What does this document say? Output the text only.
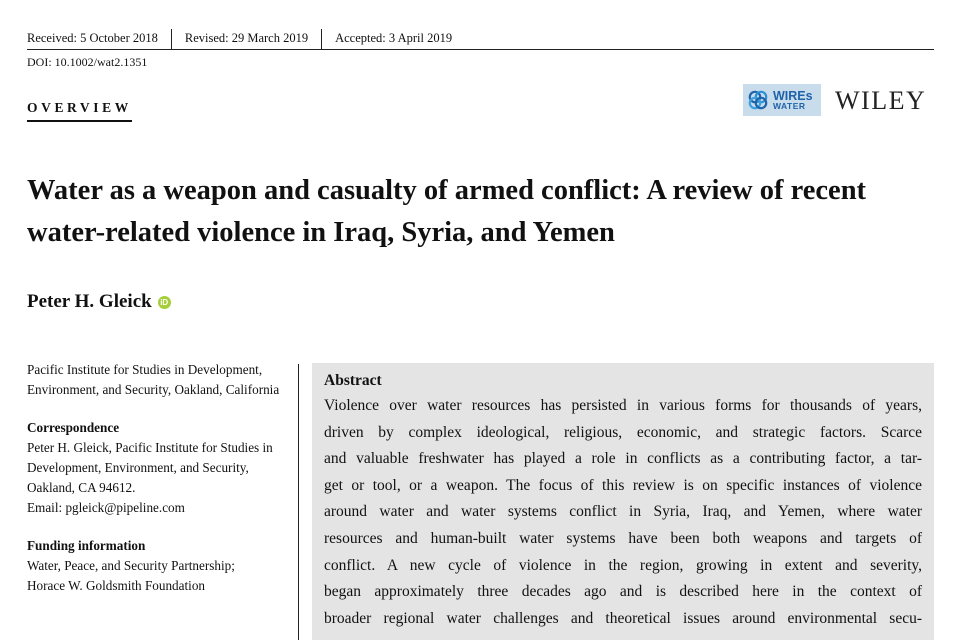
Received: 5 October 2018 Revised: 29 March 2019 Accepted: 3 April 2019
DOI: 10.1002/wat2.1351
OVERVIEW
WIREs
WATER WILEY
Water as a weapon and casualty of armed conflict: A review of recent water-related violence in Iraq, Syria, and Yemen
Peter H. Gleick	iD

Pacific Institute for Studies in Development, Environment, and Security, Oakland, California

Correspondence

Peter H. Gleick, Pacific Institute for Studies in Development, Environment, and Security, Oakland, CA 94612.

Email: pgleick@pipeline.com

Funding information

Water, Peace, and Security Partnership;

Horace W. Goldsmith Foundation

Abstract
Violence over water resources has persisted in various forms for thousands of years,
driven by complex ideological, religious, economic, and strategic factors. Scarce
and valuable freshwater has played a role in conflicts as a contributing factor, a tar-
get or tool, or a weapon. The focus of this review is on specific instances of violence
around water and water systems conflict in Syria, Iraq, and Yemen, where water
resources and human-built water systems have been both weapons and targets of
conflict. A new cycle of violence in the region, growing in extent and severity,
began approximately three decades ago and is described here in the context of
broader regional water challenges and theoretical issues around environmental secu-
